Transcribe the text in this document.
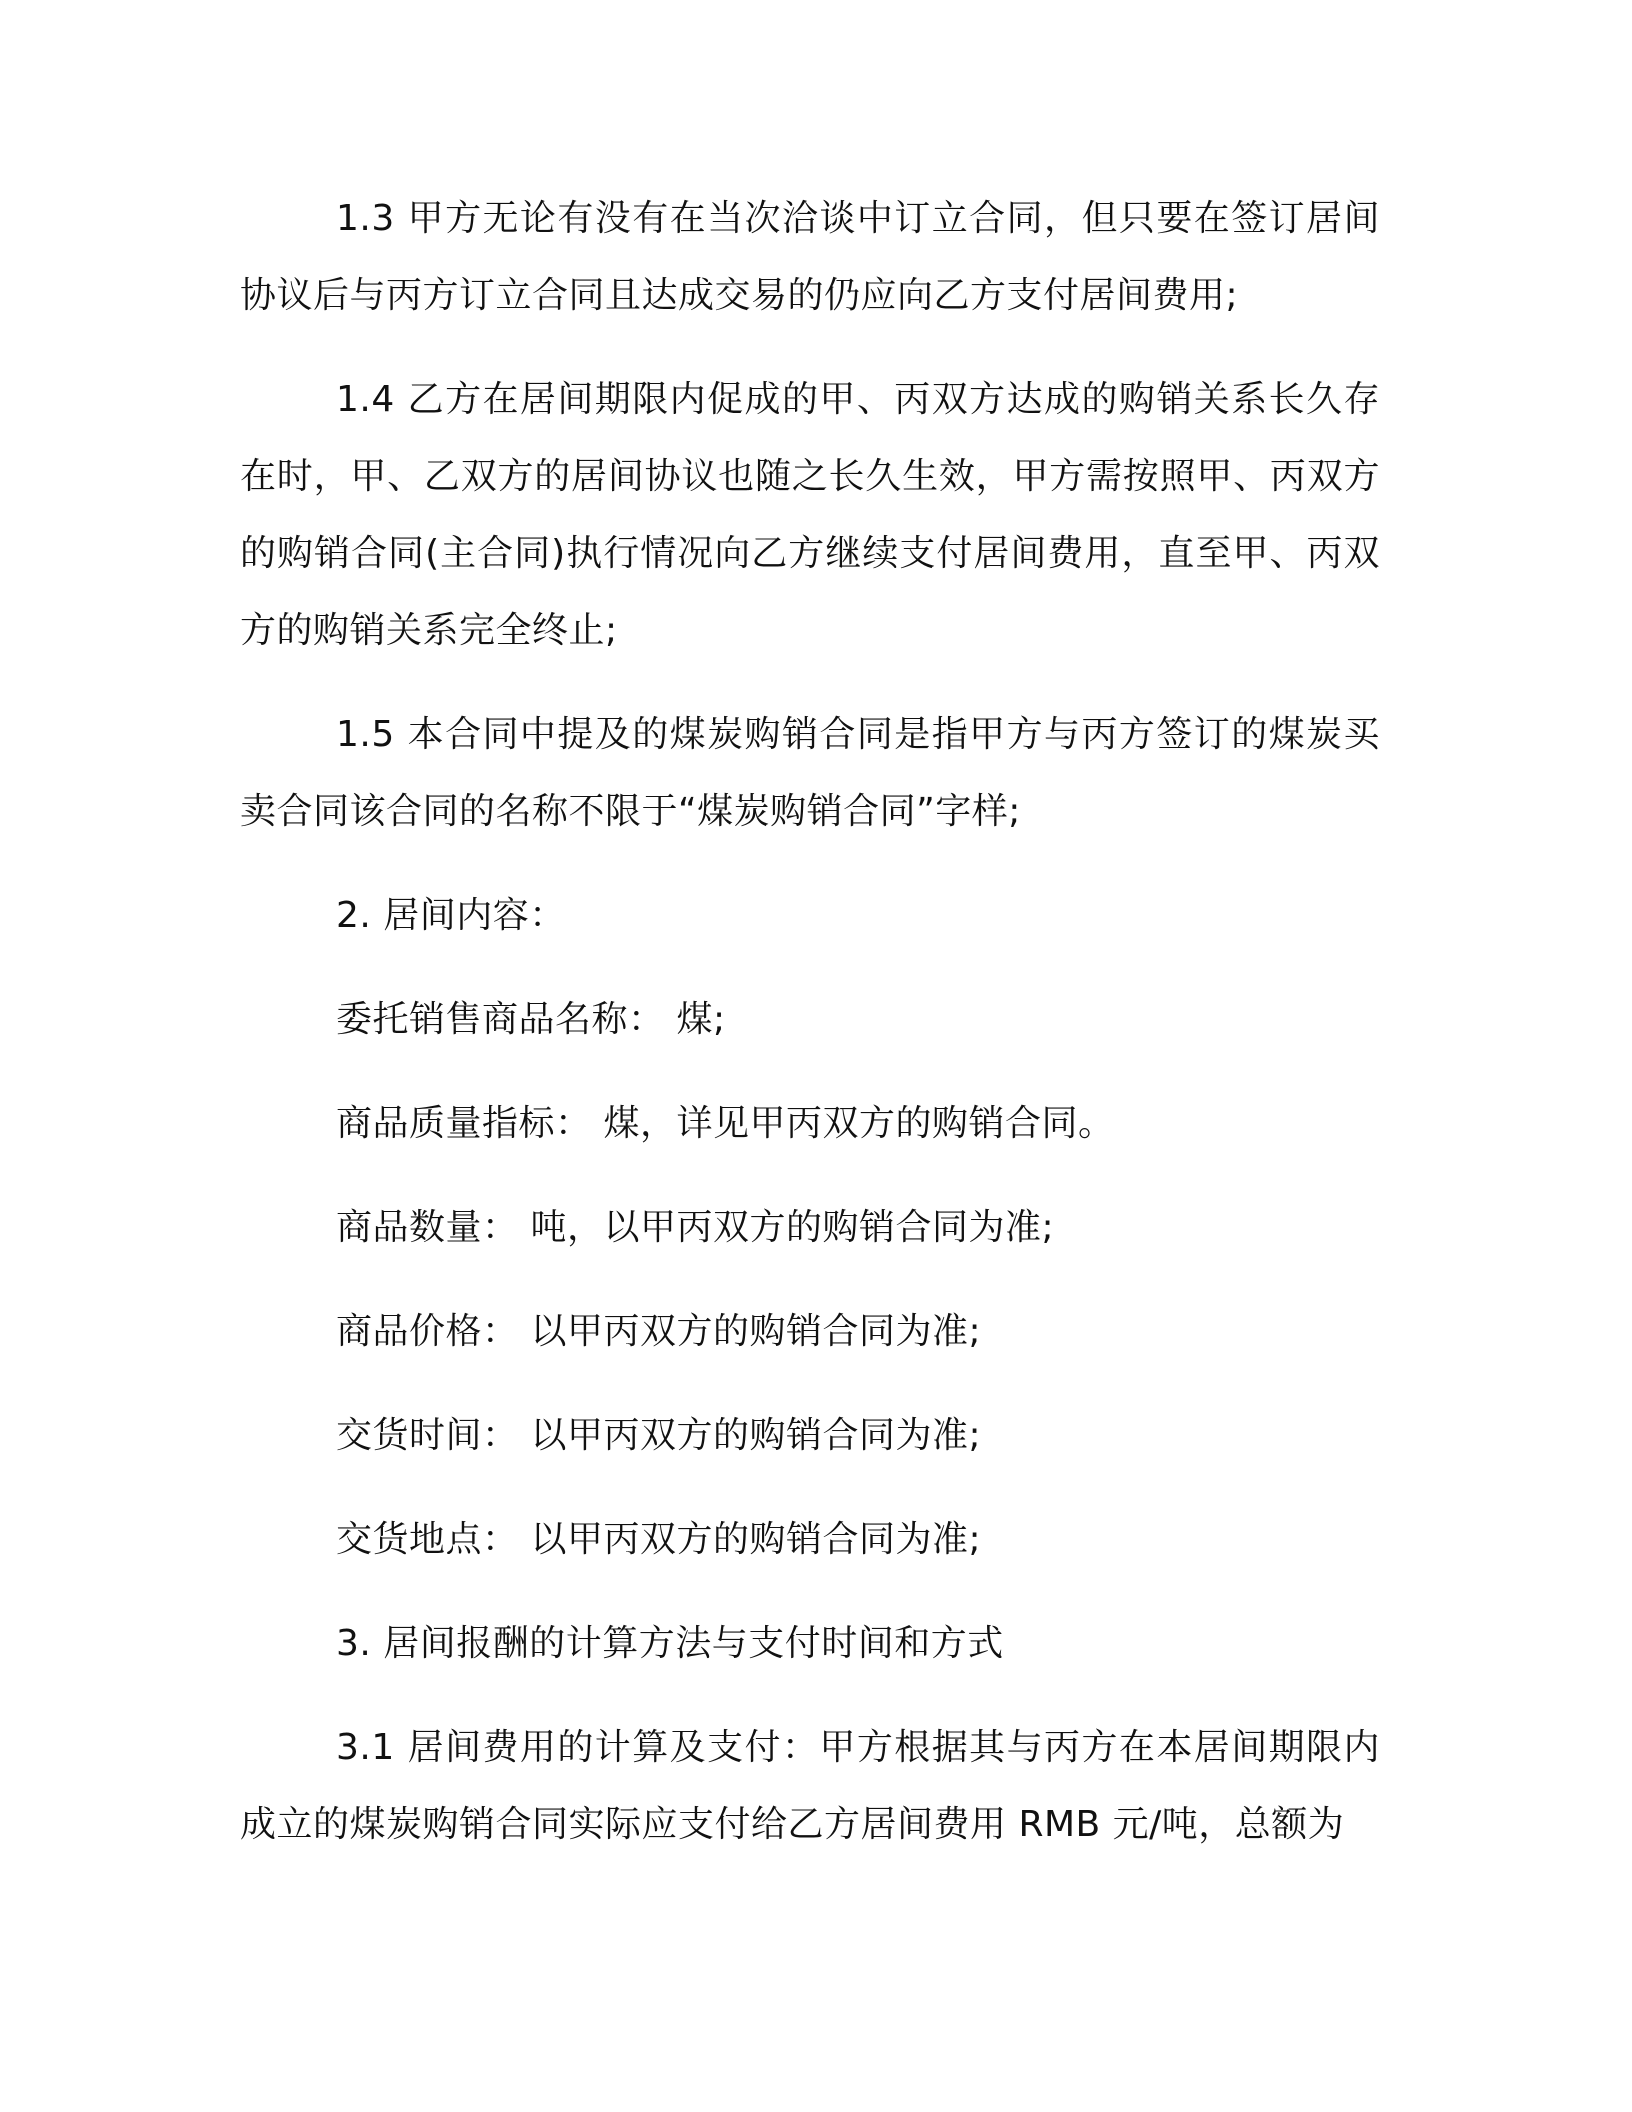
1.3 甲方无论有没有在当次洽谈中订立合同，但只要在签订居间协议后与丙方订立合同且达成交易的仍应向乙方支付居间费用;

1.4 乙方在居间期限内促成的甲、丙双方达成的购销关系长久存在时，甲、乙双方的居间协议也随之长久生效，甲方需按照甲、丙双方的购销合同(主合同)执行情况向乙方继续支付居间费用，直至甲、丙双方的购销关系完全终止;

1.5 本合同中提及的煤炭购销合同是指甲方与丙方签订的煤炭买卖合同该合同的名称不限于“煤炭购销合同”字样;

2. 居间内容：
委托销售商品名称： 煤;
商品质量指标： 煤，详见甲丙双方的购销合同。
商品数量： 吨，以甲丙双方的购销合同为准;
商品价格： 以甲丙双方的购销合同为准;
交货时间： 以甲丙双方的购销合同为准;
交货地点： 以甲丙双方的购销合同为准;
3. 居间报酬的计算方法与支付时间和方式

3.1 居间费用的计算及支付：甲方根据其与丙方在本居间期限内成立的煤炭购销合同实际应支付给乙方居间费用 RMB 元/吨，总额为
